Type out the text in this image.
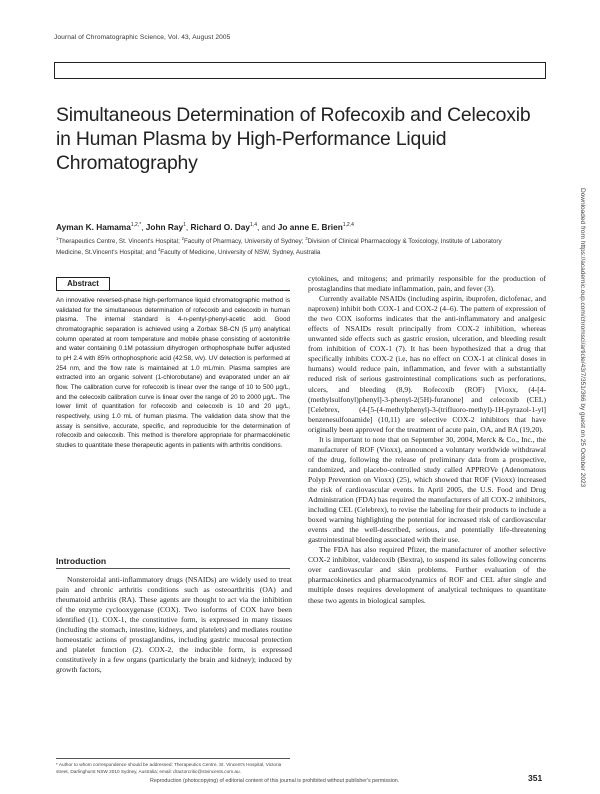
Journal of Chromatographic Science, Vol. 43, August 2005
Simultaneous Determination of Rofecoxib and Celecoxib in Human Plasma by High-Performance Liquid Chromatography
Ayman K. Hamama$^{1,2,*}$, John Ray$^1$, Richard O. Day$^{1,4}$, and Jo anne E. Brien$^{1,2,4}$
$^1$Therapeutics Centre, St. Vincent's Hospital; $^2$Faculty of Pharmacy, University of Sydney; $^3$Division of Clinical Pharmacology & Toxicology, Institute of Laboratory Medicine, St.Vincent's Hospital; and $^4$Faculty of Medicine, University of NSW, Sydney, Australia
Abstract
An innovative reversed-phase high-performance liquid chromatographic method is validated for the simultaneous determination of rofecoxib and celecoxib in human plasma. The internal standard is 4-n-pentyl-phenyl-acetic acid. Good chromatographic separation is achieved using a Zorbax SB-CN (5 µm) analytical column operated at room temperature and mobile phase consisting of acetonitrile and water containing 0.1M potassium dihydrogen orthophosphate buffer adjusted to pH 2.4 with 85% orthophosphoric acid (42:58, v/v). UV detection is performed at 254 nm, and the flow rate is maintained at 1.0 mL/min. Plasma samples are extracted into an organic solvent (1-chlorobutane) and evaporated under an air flow. The calibration curve for rofecoxib is linear over the range of 10 to 500 µg/L, and the celecoxib calibration curve is linear over the range of 20 to 2000 µg/L. The lower limit of quantitation for rofecoxib and celecoxib is 10 and 20 µg/L, respectively, using 1.0 mL of human plasma. The validation data show that the assay is sensitive, accurate, specific, and reproducible for the determination of rofecoxib and celecoxib. This method is therefore appropriate for pharmacokinetic studies to quantitate these therapeutic agents in patients with arthritis conditions.
Introduction

Nonsteroidal anti-inflammatory drugs (NSAIDs) are widely used to treat pain and chronic arthritis conditions such as osteoarthritis (OA) and rheumatoid arthritis (RA). These agents are thought to act via the inhibition of the enzyme cyclooxygenase (COX). Two isoforms of COX have been identified (1). COX-1, the constitutive form, is expressed in many tissues (including the stomach, intestine, kidneys, and platelets) and mediates routine homeostatic actions of prostaglandins, including gastric mucosal protection and platelet function (2). COX-2, the inducible form, is expressed constitutively in a few organs (particularly the brain and kidney); induced by growth factors,

* Author to whom correspondence should be addressed: Therapeutics Centre, St. Vincent's Hospital, Victoria street, Darlinghurst NSW 2010 Sydney, Australia; email: dractorcritic@stvincents.com.au.

cytokines, and mitogens; and primarily responsible for the production of prostaglandins that mediate inflammation, pain, and fever (3).

Currently available NSAIDs (including aspirin, ibuprofen, diclofenac, and naproxen) inhibit both COX-1 and COX-2 (4–6). The pattern of expression of the two COX isoforms indicates that the anti-inflammatory and analgesic effects of NSAIDs result principally from COX-2 inhibition, whereas unwanted side effects such as gastric erosion, ulceration, and bleeding result from inhibition of COX-1 (7). It has been hypothesized that a drug that specifically inhibits COX-2 (i.e, has no effect on COX-1 at clinical doses in humans) would reduce pain, inflammation, and fever with a substantially reduced risk of serious gastrointestinal complications such as perforations, ulcers, and bleeding (8,9). Rofecoxib (ROF) [Vioxx, (4-[4-(methylsulfonyl)phenyl]-3-phenyl-2(5H)-furanone] and celecoxib (CEL) [Celebrex, (4-[5-(4-methylphenyl)-3-(trifluoro-methyl)-1H-pyrazol-1-yl] benzenesulfonamide] (10,11) are selective COX-2 inhibitors that have originally been approved for the treatment of acute pain, OA, and RA (19,20).

It is important to note that on September 30, 2004, Merck & Co., Inc., the manufacturer of ROF (Vioxx), announced a voluntary worldwide withdrawal of the drug, following the release of preliminary data from a prospective, randomized, and placebo-controlled study called APPROVe (Adenomatous Polyp Prevention on Vioxx) (25), which showed that ROF (Vioxx) increased the risk of cardiovascular events. In April 2005, the U.S. Food and Drug Administration (FDA) has required the manufacturers of all COX-2 inhibitors, including CEL (Celebrex), to revise the labeling for their products to include a boxed warning highlighting the potential for increased risk of cardiovascular events and the well-described, serious, and potentially life-threatening gastrointestinal bleeding associated with their use.

The FDA has also required Pfizer, the manufacturer of another selective COX-2 inhibitor, valdecoxib (Bextra), to suspend its sales following concerns over cardiovascular and skin problems. Further evaluation of the pharmacokinetics and pharmacodynamics of ROF and CEL after single and multiple doses requires development of analytical techniques to quantitate these two agents in biological samples.

Reproduction (photocopying) of editorial content of this journal is prohibited without publisher's permission.	351
Downloaded from https://academic.oup.com/chromsci/article/43/7/351/366 by guest on 25 October 2023
